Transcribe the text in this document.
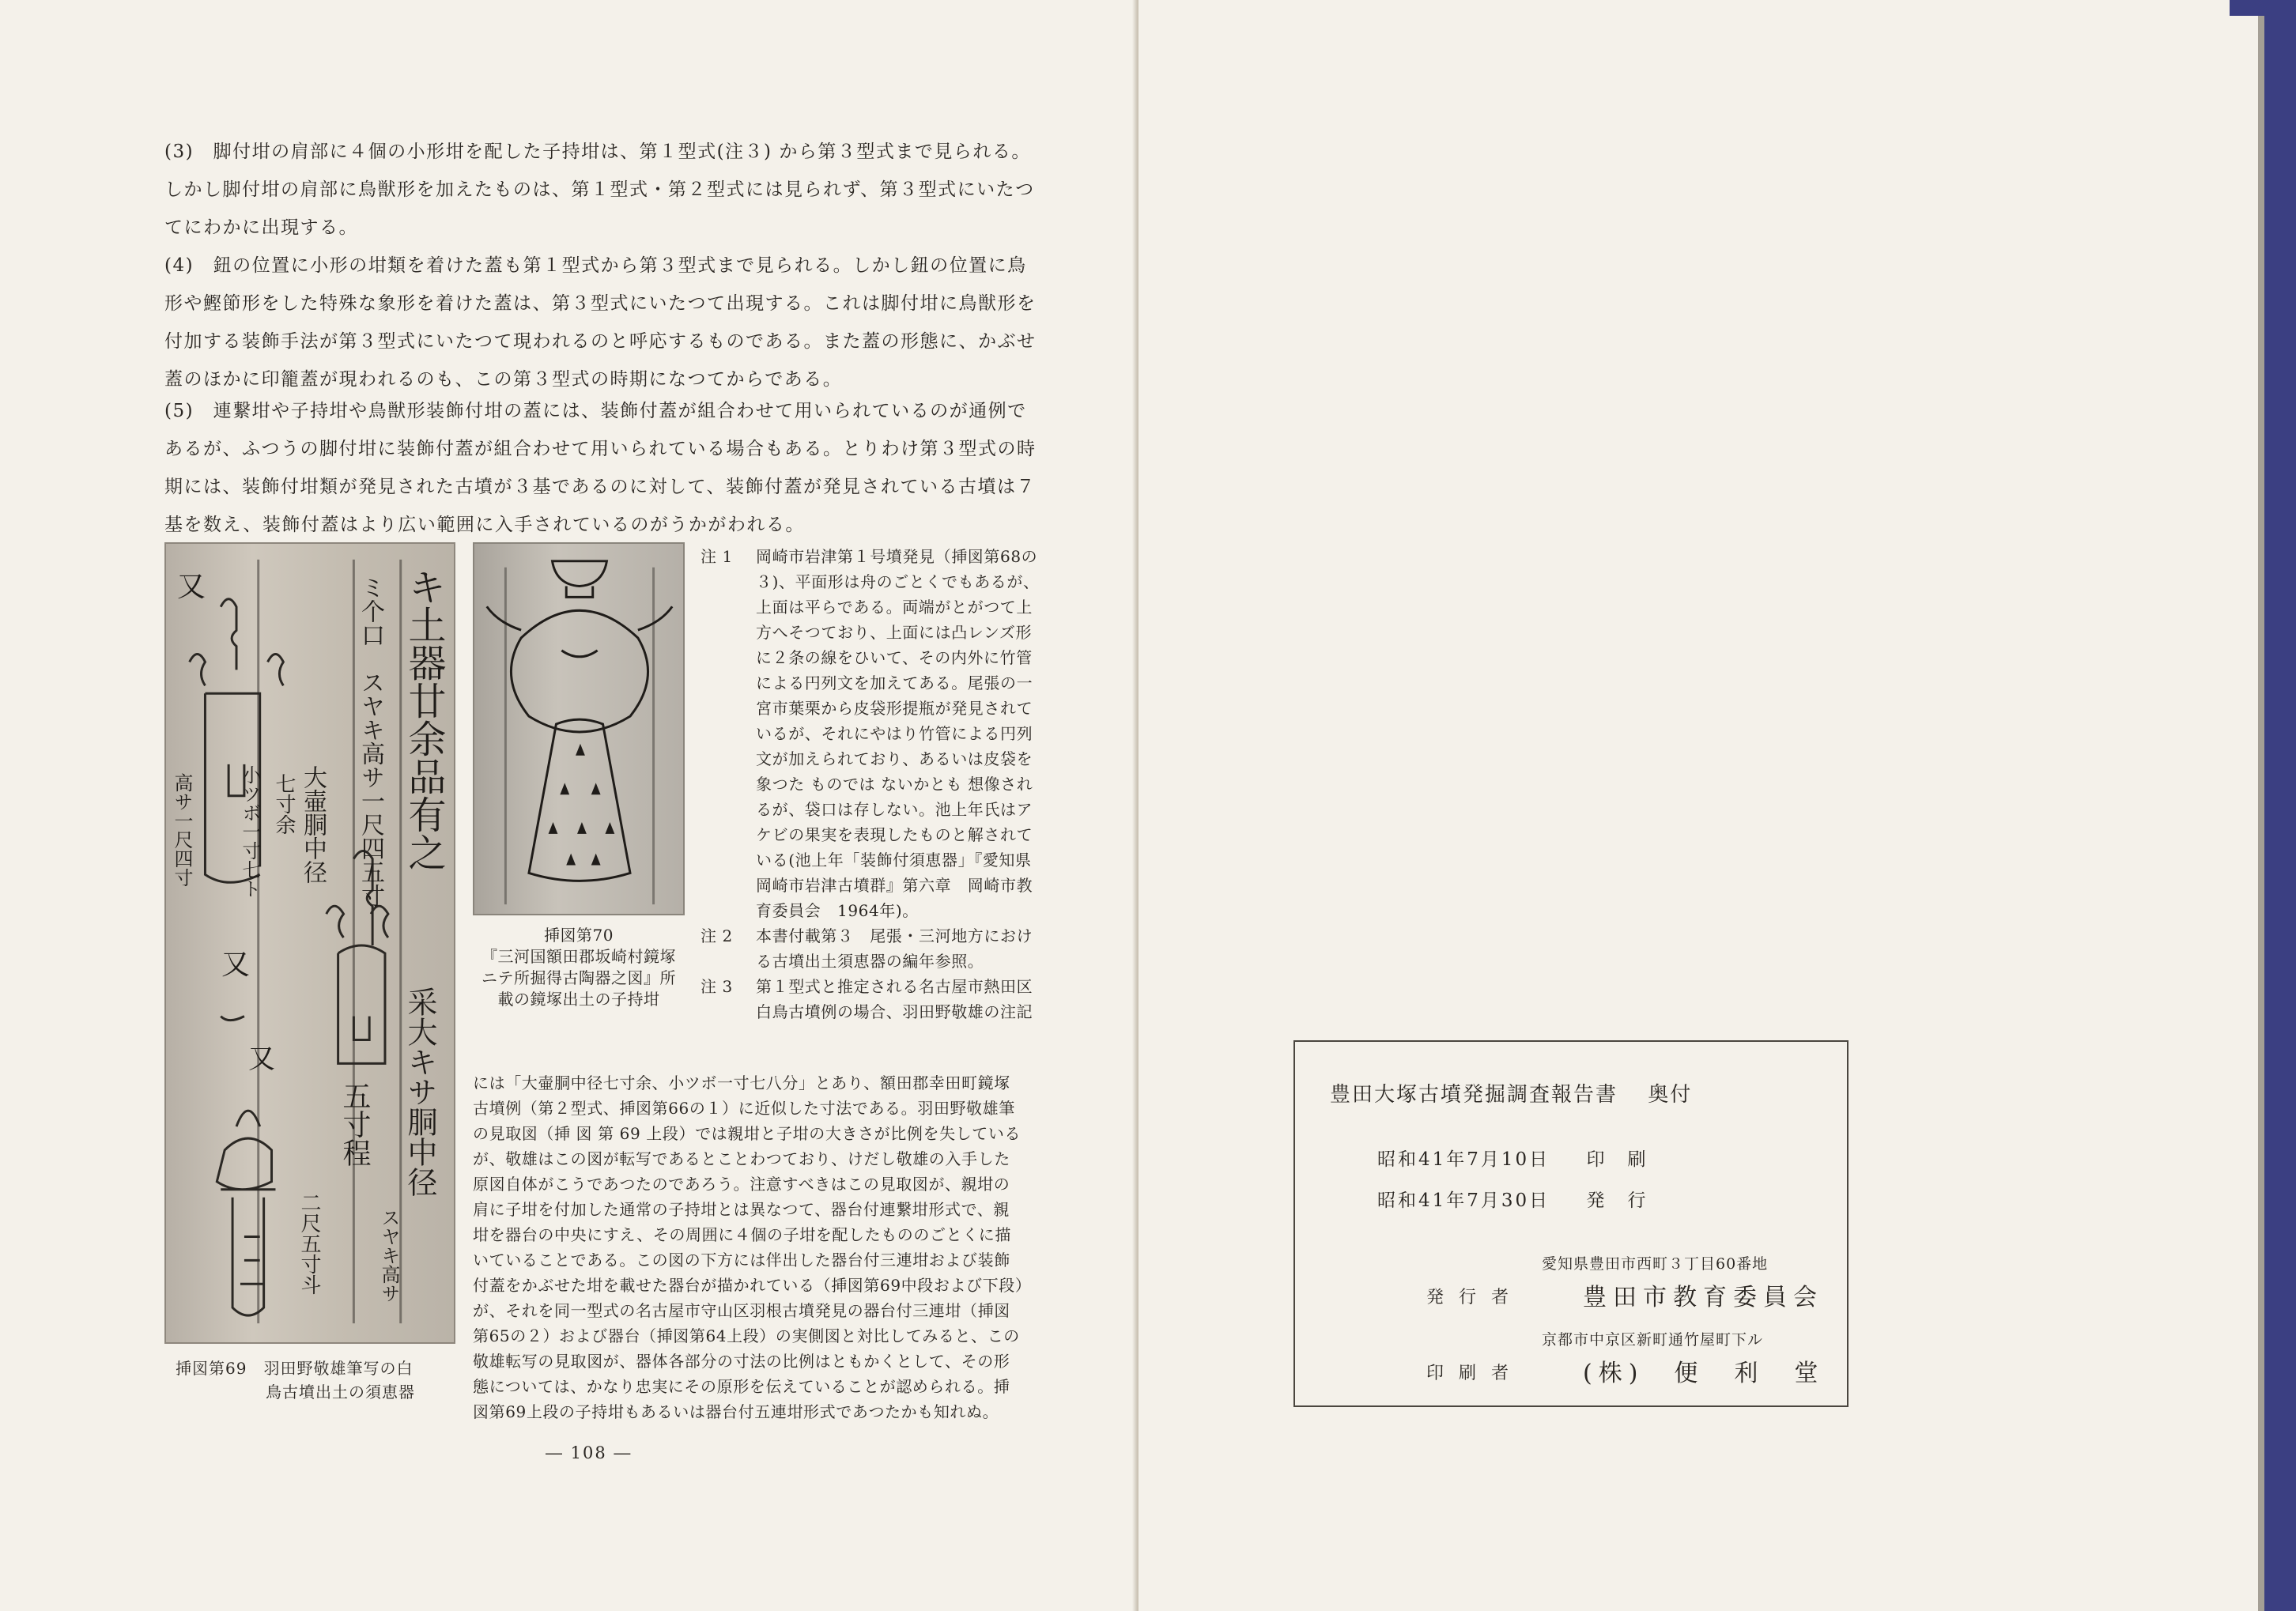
(3)　脚付坩の肩部に４個の小形坩を配した子持坩は、第１型式(注３) から第３型式まで見られる。
しかし脚付坩の肩部に鳥獣形を加えたものは、第１型式・第２型式には見られず、第３型式にいたつ
てにわかに出現する。
(4)　鈕の位置に小形の坩類を着けた蓋も第１型式から第３型式まで見られる。しかし鈕の位置に鳥
形や鰹節形をした特殊な象形を着けた蓋は、第３型式にいたつて出現する。これは脚付坩に鳥獣形を
付加する装飾手法が第３型式にいたつて現われるのと呼応するものである。また蓋の形態に、かぶせ
蓋のほかに印籠蓋が現われるのも、この第３型式の時期になつてからである。
(5)　連繋坩や子持坩や鳥獣形装飾付坩の蓋には、装飾付蓋が組合わせて用いられているのが通例で
あるが、ふつうの脚付坩に装飾付蓋が組合わせて用いられている場合もある。とりわけ第３型式の時
期には、装飾付坩類が発見された古墳が３基であるのに対して、装飾付蓋が発見されている古墳は７
基を数え、装飾付蓋はより広い範囲に入手されているのがうかがわれる。
キ土器廿余品有之
ミ个口　スヤキ高サ一尺四五寸
大壷胴中径
七寸余
小ツボ一寸七ト
高サ一尺四寸
五寸程
又
又
又
二尺五寸斗	スヤキ高サ
采大キサ胴中径
挿図第70
『三河国額田郡坂崎村鏡塚
ニテ所掘得古陶器之図』所
載の鏡塚出土の子持坩
注 1	岡崎市岩津第１号墳発見（挿図第68の
３)、平面形は舟のごとくでもあるが、
上面は平らである。両端がとがつて上
方へそつており、上面には凸レンズ形
に２条の線をひいて、その内外に竹管
による円列文を加えてある。尾張の一
宮市葉栗から皮袋形提瓶が発見されて
いるが、それにやはり竹管による円列
文が加えられており、あるいは皮袋を
象つた ものでは ないかとも 想像され
るが、袋口は存しない。池上年氏はア
ケビの果実を表現したものと解されて
いる(池上年「装飾付須恵器」『愛知県
岡崎市岩津古墳群』第六章　岡崎市教
育委員会　1964年)。
注 2	本書付載第３　尾張・三河地方におけ
る古墳出土須恵器の編年参照。
注 3	第１型式と推定される名古屋市熱田区
白鳥古墳例の場合、羽田野敬雄の注記
には「大壷胴中径七寸余、小ツボ一寸七八分」とあり、額田郡幸田町鏡塚
古墳例（第２型式、挿図第66の１）に近似した寸法である。羽田野敬雄筆
の見取図（挿 図 第 69 上段）では親坩と子坩の大きさが比例を失している
が、敬雄はこの図が転写であるとことわつており、けだし敬雄の入手した
原図自体がこうであつたのであろう。注意すべきはこの見取図が、親坩の
肩に子坩を付加した通常の子持坩とは異なつて、器台付連繋坩形式で、親
坩を器台の中央にすえ、その周囲に４個の子坩を配したもののごとくに描
いていることである。この図の下方には伴出した器台付三連坩および装飾
付蓋をかぶせた坩を載せた器台が描かれている（挿図第69中段および下段）
が、それを同一型式の名古屋市守山区羽根古墳発見の器台付三連坩（挿図
第65の２）および器台（挿図第64上段）の実側図と対比してみると、この
敬雄転写の見取図が、器体各部分の寸法の比例はともかくとして、その形
態については、かなり忠実にその原形を伝えていることが認められる。挿
図第69上段の子持坩もあるいは器台付五連坩形式であつたかも知れぬ。
挿図第69　羽田野敬雄筆写の白
鳥古墳出土の須恵器
― 108 ―
豊田大塚古墳発掘調査報告書 奥付
昭和41年7月10日 印　刷
昭和41年7月30日 発　行
愛知県豊田市西町３丁目60番地
発 行 者	豊田市教育委員会
京都市中京区新町通竹屋町下ル
印 刷 者	(株)　便　利　堂
